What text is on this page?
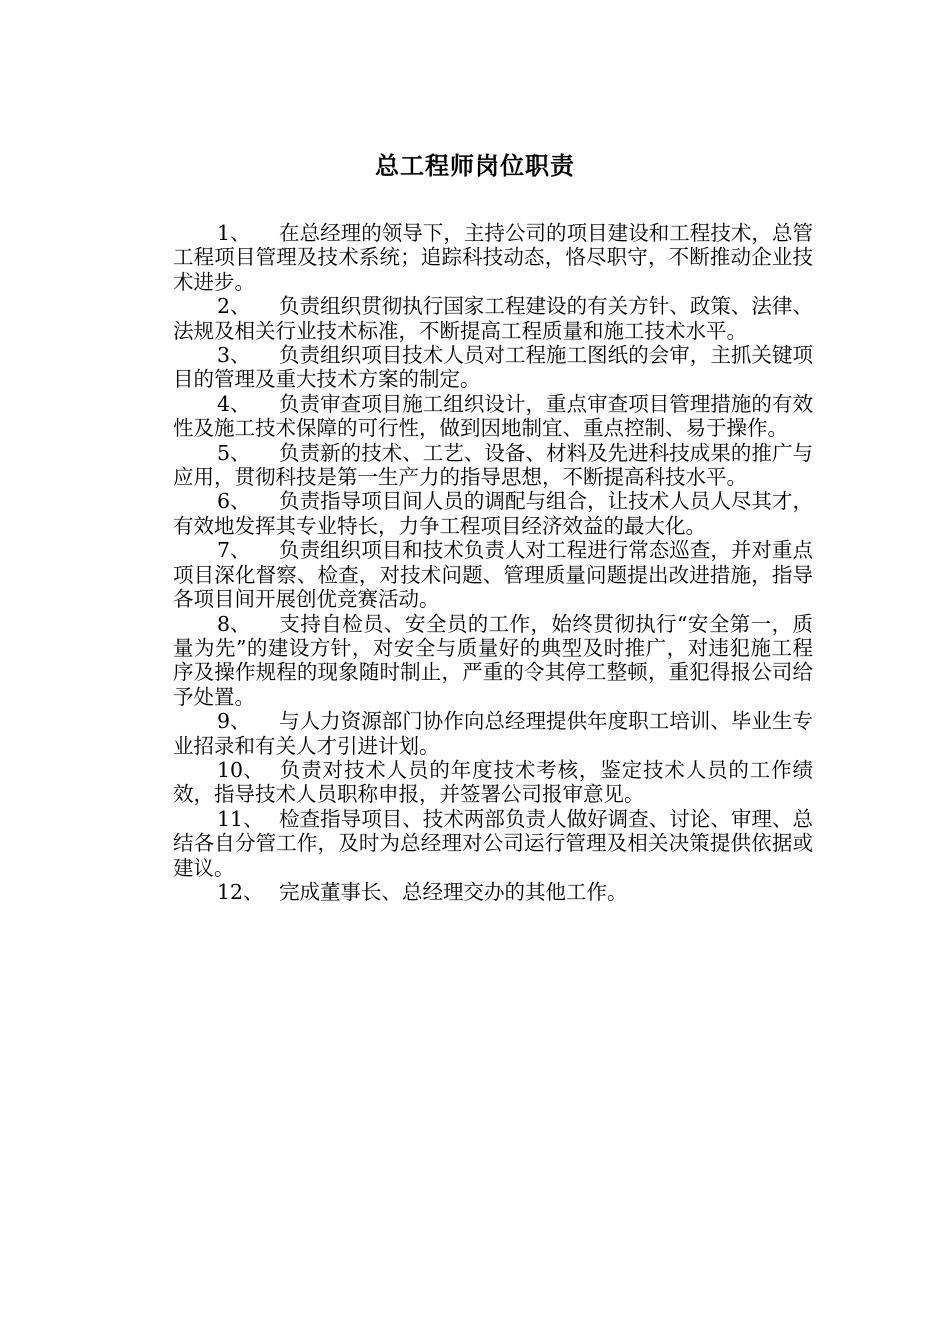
总工程师岗位职责
1、 在总经理的领导下，主持公司的项目建设和工程技术，总管工程项目管理及技术系统；追踪科技动态，恪尽职守，不断推动企业技术进步。
2、 负责组织贯彻执行国家工程建设的有关方针、政策、法律、法规及相关行业技术标准，不断提高工程质量和施工技术水平。
3、 负责组织项目技术人员对工程施工图纸的会审，主抓关键项目的管理及重大技术方案的制定。
4、 负责审查项目施工组织设计，重点审查项目管理措施的有效性及施工技术保障的可行性，做到因地制宜、重点控制、易于操作。
5、 负责新的技术、工艺、设备、材料及先进科技成果的推广与应用，贯彻科技是第一生产力的指导思想，不断提高科技水平。
6、 负责指导项目间人员的调配与组合，让技术人员人尽其才，有效地发挥其专业特长，力争工程项目经济效益的最大化。
7、 负责组织项目和技术负责人对工程进行常态巡查，并对重点项目深化督察、检查，对技术问题、管理质量问题提出改进措施，指导各项目间开展创优竞赛活动。
8、 支持自检员、安全员的工作，始终贯彻执行“安全第一，质量为先”的建设方针，对安全与质量好的典型及时推广，对违犯施工程序及操作规程的现象随时制止，严重的令其停工整顿，重犯得报公司给予处置。
9、 与人力资源部门协作向总经理提供年度职工培训、毕业生专业招录和有关人才引进计划。
10、 负责对技术人员的年度技术考核，鉴定技术人员的工作绩效，指导技术人员职称申报，并签署公司报审意见。
11、 检查指导项目、技术两部负责人做好调查、讨论、审理、总结各自分管工作，及时为总经理对公司运行管理及相关决策提供依据或建议。
12、 完成董事长、总经理交办的其他工作。
